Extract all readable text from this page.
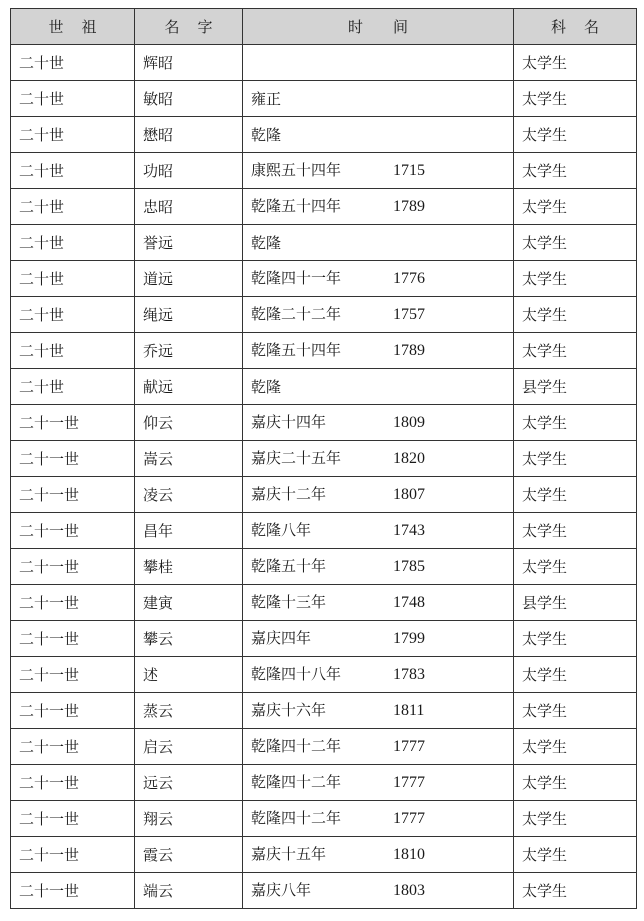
世祖	名字	时间	科名
二十世	辉昭		太学生
二十世	敏昭	雍正	太学生
二十世	懋昭	乾隆	太学生
二十世	功昭	康熙五十四年 1715	太学生
二十世	忠昭	乾隆五十四年 1789	太学生
二十世	誉远	乾隆	太学生
二十世	道远	乾隆四十一年 1776	太学生
二十世	绳远	乾隆二十二年 1757	太学生
二十世	乔远	乾隆五十四年 1789	太学生
二十世	献远	乾隆	县学生
二十一世	仰云	嘉庆十四年 1809	太学生
二十一世	嵩云	嘉庆二十五年 1820	太学生
二十一世	凌云	嘉庆十二年 1807	太学生
二十一世	昌年	乾隆八年 1743	太学生
二十一世	攀桂	乾隆五十年 1785	太学生
二十一世	建寅	乾隆十三年 1748	县学生
二十一世	攀云	嘉庆四年 1799	太学生
二十一世	述	乾隆四十八年 1783	太学生
二十一世	蒸云	嘉庆十六年 1811	太学生
二十一世	启云	乾隆四十二年 1777	太学生
二十一世	远云	乾隆四十二年 1777	太学生
二十一世	翔云	乾隆四十二年 1777	太学生
二十一世	霞云	嘉庆十五年 1810	太学生
二十一世	端云	嘉庆八年 1803	太学生
